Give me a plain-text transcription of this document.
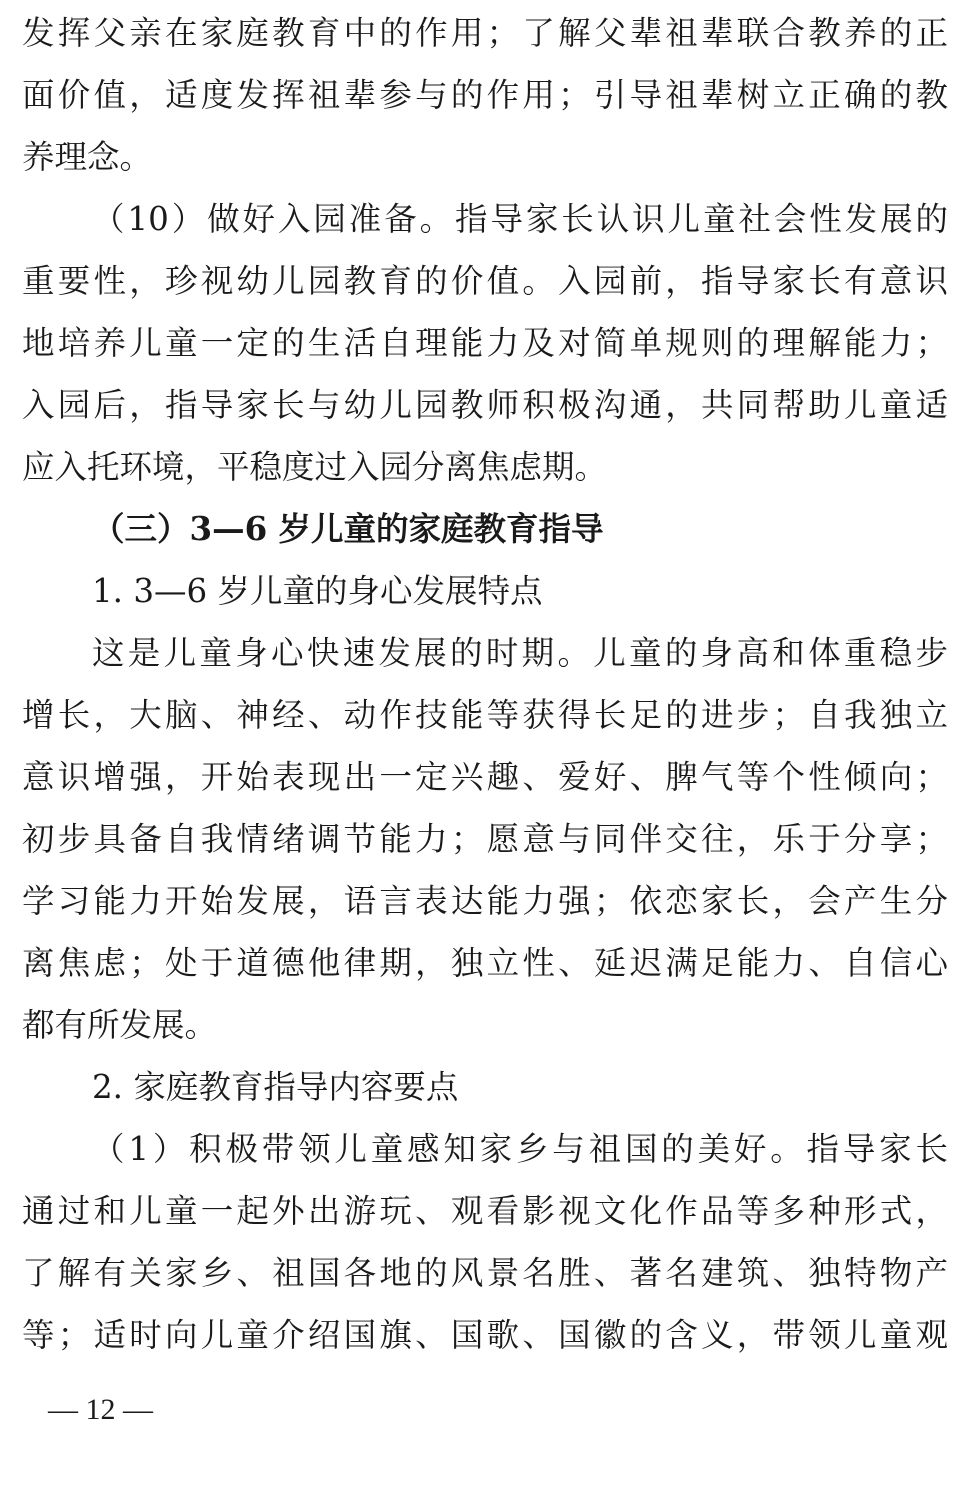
发挥父亲在家庭教育中的作用；了解父辈祖辈联合教养的正
面价值，适度发挥祖辈参与的作用；引导祖辈树立正确的教
养理念。
（10）做好入园准备。指导家长认识儿童社会性发展的
重要性，珍视幼儿园教育的价值。入园前，指导家长有意识
地培养儿童一定的生活自理能力及对简单规则的理解能力；
入园后，指导家长与幼儿园教师积极沟通，共同帮助儿童适
应入托环境，平稳度过入园分离焦虑期。
（三）3—6 岁儿童的家庭教育指导
1. 3—6 岁儿童的身心发展特点
这是儿童身心快速发展的时期。儿童的身高和体重稳步
增长，大脑、神经、动作技能等获得长足的进步；自我独立
意识增强，开始表现出一定兴趣、爱好、脾气等个性倾向；
初步具备自我情绪调节能力；愿意与同伴交往，乐于分享；
学习能力开始发展，语言表达能力强；依恋家长，会产生分
离焦虑；处于道德他律期，独立性、延迟满足能力、自信心
都有所发展。
2. 家庭教育指导内容要点
（1）积极带领儿童感知家乡与祖国的美好。指导家长
通过和儿童一起外出游玩、观看影视文化作品等多种形式，
了解有关家乡、祖国各地的风景名胜、著名建筑、独特物产
等；适时向儿童介绍国旗、国歌、国徽的含义，带领儿童观
— 12 —
